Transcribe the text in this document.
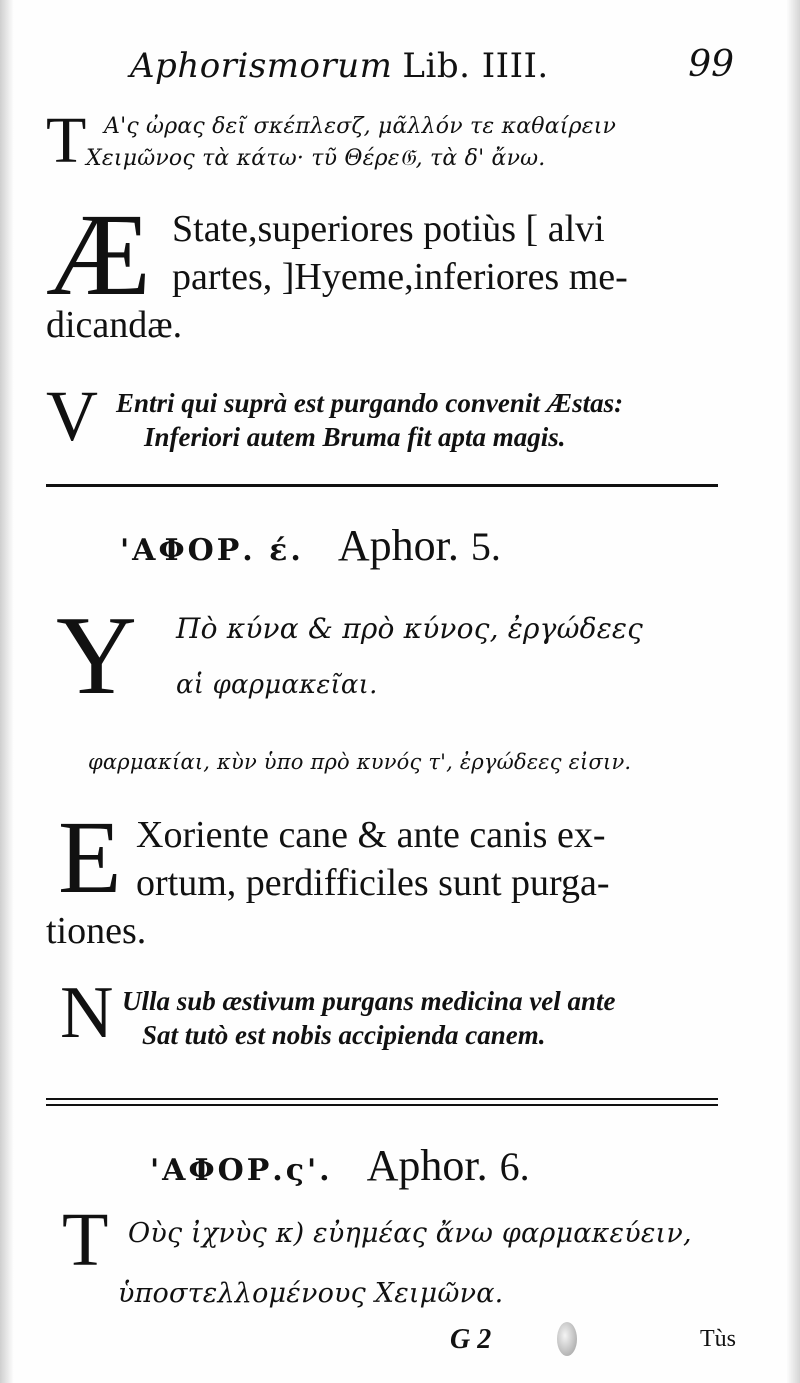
Aphorismorum Lib. IIII.	99
T Α'ς ὠρας δεῖ σκέπλεσζ, μᾶλλόν τε καθαίρειν
Χειμῶνος τὰ κάτω· τῦ Θέρε𝔊, τὰ δ' ἄνω.
Æ State,superiores potiùs [ alvi
partes, ]Hyeme,inferiores me-
dicandæ.
V Entri qui suprà est purgando convenit Æstas:
Inferiori autem Bruma fit apta magis.
'ΑΦΟΡ. έ. Aphor. 5.
Υ Πὸ κύνα & πρὸ κύνος, ἐργώδεες
αἱ φαρμακεῖαι.
φαρμακίαι, κὺν ὑπο πρὸ κυνός τ', ἐργώδεες εἰσιν.
E Xoriente cane & ante canis ex-
ortum, perdifficiles sunt purga-
tiones.
N Ulla sub æstivum purgans medicina vel ante
Sat tutò est nobis accipienda canem.
'ΑΦΟΡ.ς'. Aphor. 6.
T Οὺς ἰχνὺς κ) εὐημέας ἄνω φαρμακεύειν,
ὑποστελλομένους Χειμῶνα.
G 2	Tùs
